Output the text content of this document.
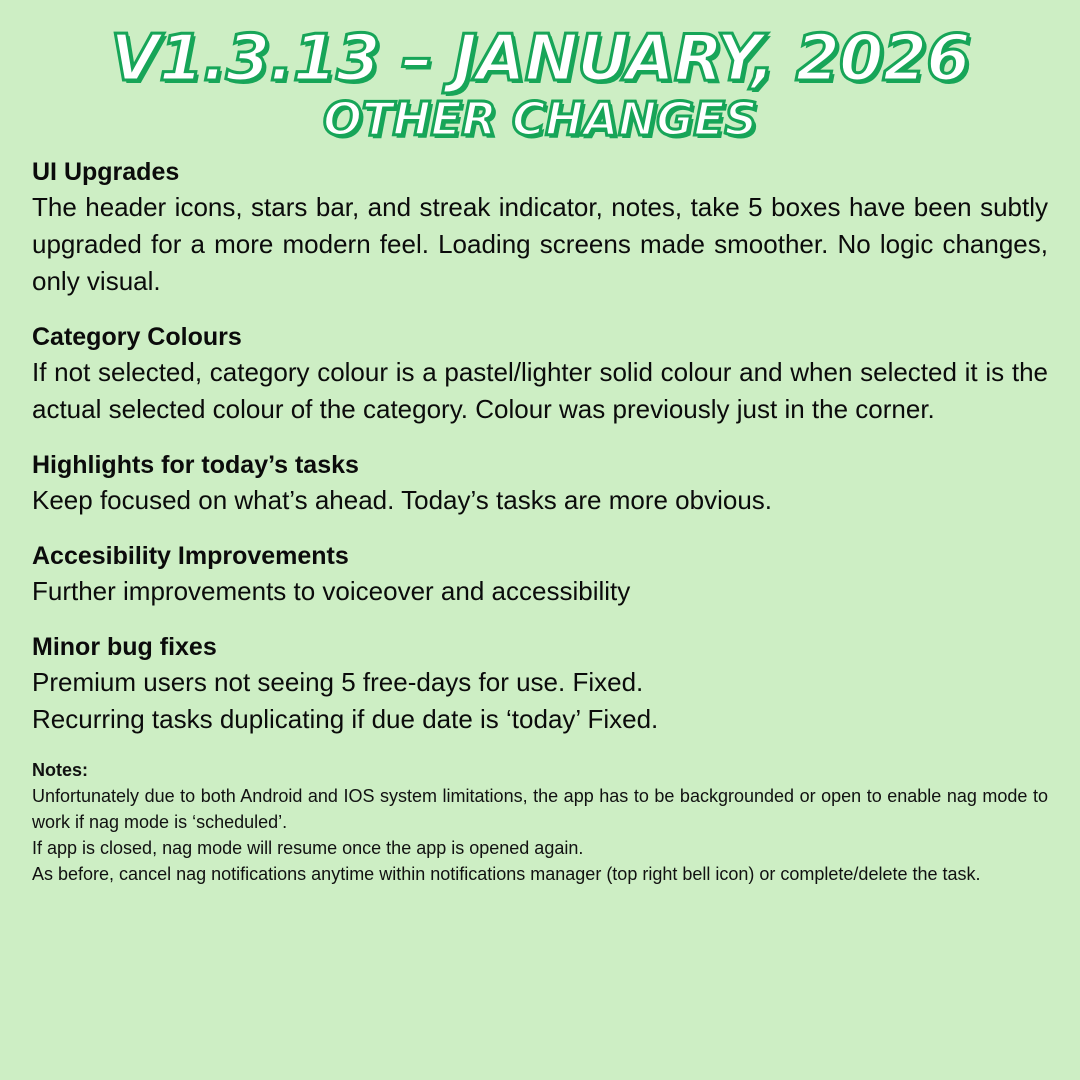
V1.3.13 – JANUARY, 2026
OTHER CHANGES
UI Upgrades

The header icons, stars bar, and streak indicator, notes, take 5 boxes have been subtly upgraded for a more modern feel. Loading screens made smoother. No logic changes, only visual.

Category Colours

If not selected, category colour is a pastel/lighter solid colour and when selected it is the actual selected colour of the category. Colour was previously just in the corner.

Highlights for today’s tasks

Keep focused on what’s ahead. Today’s tasks are more obvious.

Accesibility Improvements

Further improvements to voiceover and accessibility

Minor bug fixes

Premium users not seeing 5 free-days for use. Fixed.

Recurring tasks duplicating if due date is ‘today’ Fixed.

Notes:

Unfortunately due to both Android and IOS system limitations, the app has to be backgrounded or open to enable nag mode to work if nag mode is ‘scheduled’.

If app is closed, nag mode will resume once the app is opened again.

As before, cancel nag notifications anytime within notifications manager (top right bell icon) or complete/delete the task.
